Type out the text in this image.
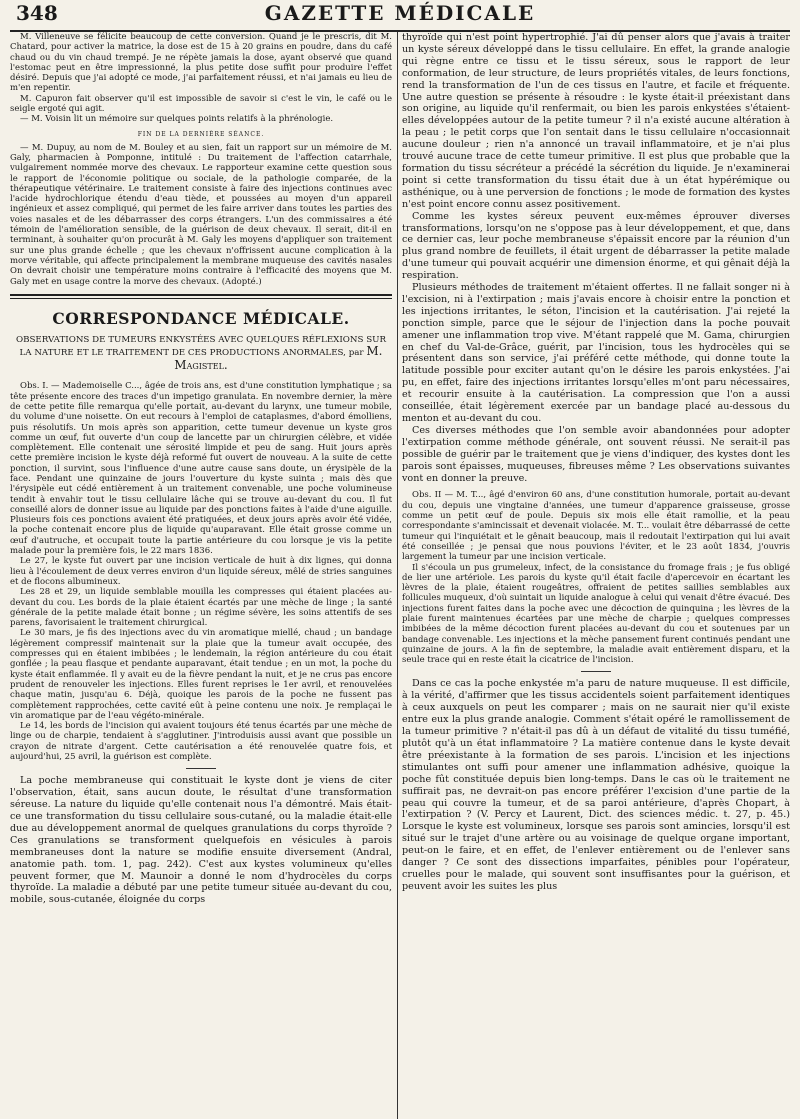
348	GAZETTE MÉDICALE

M. Villeneuve se félicite beaucoup de cette conversion. Quand je le prescris, dit M. Chatard, pour activer la matrice, la dose est de 15 à 20 grains en poudre, dans du café chaud ou du vin chaud trempé. Je ne répète jamais la dose, ayant observé que quand l'estomac peut en être impressionné, la plus petite dose suffit pour produire l'effet désiré. Depuis que j'ai adopté ce mode, j'ai parfaitement réussi, et n'ai jamais eu lieu de m'en repentir.

M. Capuron fait observer qu'il est impossible de savoir si c'est le vin, le café ou le seigle ergoté qui agit.

— M. Voisin lit un mémoire sur quelques points relatifs à la phrénologie.

FIN DE LA DERNIÈRE SÉANCE.

— M. Dupuy, au nom de M. Bouley et au sien, fait un rapport sur un mémoire de M. Galy, pharmacien à Pomponne, intitulé : Du traitement de l'affection catarrhale, vulgairement nommée morve des chevaux. Le rapporteur examine cette question sous le rapport de l'économie politique ou sociale, de la pathologie comparée, de la thérapeutique vétérinaire. Le traitement consiste à faire des injections continues avec l'acide hydrochlorique étendu d'eau tiède, et poussées au moyen d'un appareil ingénieux et assez compliqué, qui permet de les faire arriver dans toutes les parties des voies nasales et de les débarrasser des corps étrangers. L'un des commissaires a été témoin de l'amélioration sensible, de la guérison de deux chevaux. Il serait, dit-il en terminant, à souhaiter qu'on procurât à M. Galy les moyens d'appliquer son traitement sur une plus grande échelle ; que les chevaux n'offrissent aucune complication à la morve véritable, qui affecte principalement la membrane muqueuse des cavités nasales On devrait choisir une température moins contraire à l'efficacité des moyens que M. Galy met en usage contre la morve des chevaux. (Adopté.)

CORRESPONDANCE MÉDICALE.
OBSERVATIONS DE TUMEURS ENKYSTÉES AVEC QUELQUES RÉFLEXIONS SUR LA NATURE ET LE TRAITEMENT DE CES PRODUCTIONS ANORMALES, par M. Magistel.

Obs. I. — Mademoiselle C..., âgée de trois ans, est d'une constitution lymphatique ; sa tête présente encore des traces d'un impetigo granulata. En novembre dernier, la mère de cette petite fille remarqua qu'elle portait, au-devant du larynx, une tumeur mobile, du volume d'une noisette. On eut recours à l'emploi de cataplasmes, d'abord émolliens, puis résolutifs. Un mois après son apparition, cette tumeur devenue un kyste gros comme un œuf, fut ouverte d'un coup de lancette par un chirurgien célèbre, et vidée complètement. Elle contenait une sérosité limpide et peu de sang. Huit jours après cette première incision le kyste déjà reformé fut ouvert de nouveau. A la suite de cette ponction, il survint, sous l'influence d'une autre cause sans doute, un érysipèle de la face. Pendant une quinzaine de jours l'ouverture du kyste suinta ; mais dès que l'érysipèle eut cédé entièrement à un traitement convenable, une poche volumineuse tendit à envahir tout le tissu cellulaire lâche qui se trouve au-devant du cou. Il fut conseillé alors de donner issue au liquide par des ponctions faites à l'aide d'une aiguille. Plusieurs fois ces ponctions avaient été pratiquées, et deux jours après avoir été vidée, la poche contenait encore plus de liquide qu'auparavant. Elle était grosse comme un œuf d'autruche, et occupait toute la partie antérieure du cou lorsque je vis la petite malade pour la première fois, le 22 mars 1836.

Le 27, le kyste fut ouvert par une incision verticale de huit à dix lignes, qui donna lieu à l'écoulement de deux verres environ d'un liquide séreux, mêlé de stries sanguines et de flocons albumineux.

Les 28 et 29, un liquide semblable mouilla les compresses qui étaient placées au-devant du cou. Les bords de la plaie étaient écartés par une mèche de linge ; la santé générale de la petite malade était bonne ; un régime sévère, les soins attentifs de ses parens, favorisaient le traitement chirurgical.

Le 30 mars, je fis des injections avec du vin aromatique miellé, chaud ; un bandage légèrement compressif maintenait sur la plaie que la tumeur avait occupée, des compresses qui en étaient imbibées ; le lendemain, la région antérieure du cou était gonflée ; la peau flasque et pendante auparavant, était tendue ; en un mot, la poche du kyste était enflammée. Il y avait eu de la fièvre pendant la nuit, et je ne crus pas encore prudent de renouveler les injections. Elles furent reprises le 1er avril, et renouvelées chaque matin, jusqu'au 6. Déjà, quoique les parois de la poche ne fussent pas complètement rapprochées, cette cavité eût à peine contenu une noix. Je remplaçai le vin aromatique par de l'eau végéto-minérale.

Le 14, les bords de l'incision qui avaient toujours été tenus écartés par une mèche de linge ou de charpie, tendaient à s'agglutiner. J'introduisis aussi avant que possible un crayon de nitrate d'argent. Cette cautérisation a été renouvelée quatre fois, et aujourd'hui, 25 avril, la guérison est complète.

La poche membraneuse qui constituait le kyste dont je viens de citer l'observation, était, sans aucun doute, le résultat d'une transformation séreuse. La nature du liquide qu'elle contenait nous l'a démontré. Mais était-ce une transformation du tissu cellulaire sous-cutané, ou la maladie était-elle due au développement anormal de quelques granulations du corps thyroïde ? Ces granulations se transforment quelquefois en vésicules à parois membraneuses dont la nature se modifie ensuite diversement (Andral, anatomie path. tom. 1, pag. 242). C'est aux kystes volumineux qu'elles peuvent former, que M. Maunoir a donné le nom d'hydrocèles du corps thyroïde. La maladie a débuté par une petite tumeur située au-devant du cou, mobile, sous-cutanée, éloignée du corps

thyroïde qui n'est point hypertrophié. J'ai dû penser alors que j'avais à traiter un kyste séreux développé dans le tissu cellulaire. En effet, la grande analogie qui règne entre ce tissu et le tissu séreux, sous le rapport de leur conformation, de leur structure, de leurs propriétés vitales, de leurs fonctions, rend la transformation de l'un de ces tissus en l'autre, et facile et fréquente. Une autre question se présente à résoudre : le kyste était-il préexistant dans son origine, au liquide qu'il renfermait, ou bien les parois enkystées s'étaient-elles développées autour de la petite tumeur ? il n'a existé aucune altération à la peau ; le petit corps que l'on sentait dans le tissu cellulaire n'occasionnait aucune douleur ; rien n'a annoncé un travail inflammatoire, et je n'ai plus trouvé aucune trace de cette tumeur primitive. Il est plus que probable que la formation du tissu sécréteur a précédé la sécrétion du liquide. Je n'examinerai point si cette transformation du tissu était due à un état hypérémique ou asthénique, ou à une perversion de fonctions ; le mode de formation des kystes n'est point encore connu assez positivement.

Comme les kystes séreux peuvent eux-mêmes éprouver diverses transformations, lorsqu'on ne s'oppose pas à leur développement, et que, dans ce dernier cas, leur poche membraneuse s'épaissit encore par la réunion d'un plus grand nombre de feuillets, il était urgent de débarrasser la petite malade d'une tumeur qui pouvait acquérir une dimension énorme, et qui gênait déjà la respiration.

Plusieurs méthodes de traitement m'étaient offertes. Il ne fallait songer ni à l'excision, ni à l'extirpation ; mais j'avais encore à choisir entre la ponction et les injections irritantes, le séton, l'incision et la cautérisation. J'ai rejeté la ponction simple, parce que le séjour de l'injection dans la poche pouvait amener une inflammation trop vive. M'étant rappelé que M. Gama, chirurgien en chef du Val-de-Grâce, guérit, par l'incision, tous les hydrocèles qui se présentent dans son service, j'ai préféré cette méthode, qui donne toute la latitude possible pour exciter autant qu'on le désire les parois enkystées. J'ai pu, en effet, faire des injections irritantes lorsqu'elles m'ont paru nécessaires, et recourir ensuite à la cautérisation. La compression que l'on a aussi conseillée, était légèrement exercée par un bandage placé au-dessous du menton et au-devant du cou.

Ces diverses méthodes que l'on semble avoir abandonnées pour adopter l'extirpation comme méthode générale, ont souvent réussi. Ne serait-il pas possible de guérir par le traitement que je viens d'indiquer, des kystes dont les parois sont épaisses, muqueuses, fibreuses même ? Les observations suivantes vont en donner la preuve.

Obs. II — M. T..., âgé d'environ 60 ans, d'une constitution humorale, portait au-devant du cou, depuis une vingtaine d'années, une tumeur d'apparence graisseuse, grosse comme un petit œuf de poule. Depuis six mois elle était ramollie, et la peau correspondante s'amincissait et devenait violacée. M. T... voulait être débarrassé de cette tumeur qui l'inquiétait et le gênait beaucoup, mais il redoutait l'extirpation qui lui avait été conseillée ; je pensai que nous pouvions l'éviter, et le 23 août 1834, j'ouvris largement la tumeur par une incision verticale.

Il s'écoula un pus grumeleux, infect, de la consistance du fromage frais ; je fus obligé de lier une artériole. Les parois du kyste qu'il était facile d'apercevoir en écartant les lèvres de la plaie, étaient rougeâtres, offraient de petites saillies semblables aux follicules muqueux, d'où suintait un liquide analogue à celui qui venait d'être évacué. Des injections furent faites dans la poche avec une décoction de quinquina ; les lèvres de la plaie furent maintenues écartées par une mèche de charpie ; quelques compresses imbibées de la même décoction furent placées au-devant du cou et soutenues par un bandage convenable. Les injections et la mèche pansement furent continués pendant une quinzaine de jours. A la fin de septembre, la maladie avait entièrement disparu, et la seule trace qui en reste était la cicatrice de l'incision.

Dans ce cas la poche enkystée m'a paru de nature muqueuse. Il est difficile, à la vérité, d'affirmer que les tissus accidentels soient parfaitement identiques à ceux auxquels on peut les comparer ; mais on ne saurait nier qu'il existe entre eux la plus grande analogie. Comment s'était opéré le ramollissement de la tumeur primitive ? n'était-il pas dû à un défaut de vitalité du tissu tuméfié, plutôt qu'à un état inflammatoire ? La matière contenue dans le kyste devait être préexistante à la formation de ses parois. L'incision et les injections stimulantes ont suffi pour amener une inflammation adhésive, quoique la poche fût constituée depuis bien long-temps. Dans le cas où le traitement ne suffirait pas, ne devrait-on pas encore préférer l'excision d'une partie de la peau qui couvre la tumeur, et de sa paroi antérieure, d'après Chopart, à l'extirpation ? (V. Percy et Laurent, Dict. des sciences médic. t. 27, p. 45.) Lorsque le kyste est volumineux, lorsque ses parois sont amincies, lorsqu'il est situé sur le trajet d'une artère ou au voisinage de quelque organe important, peut-on le faire, et en effet, de l'enlever entièrement ou de l'enlever sans danger ? Ce sont des dissections imparfaites, pénibles pour l'opérateur, cruelles pour le malade, qui souvent sont insuffisantes pour la guérison, et peuvent avoir les suites les plus
